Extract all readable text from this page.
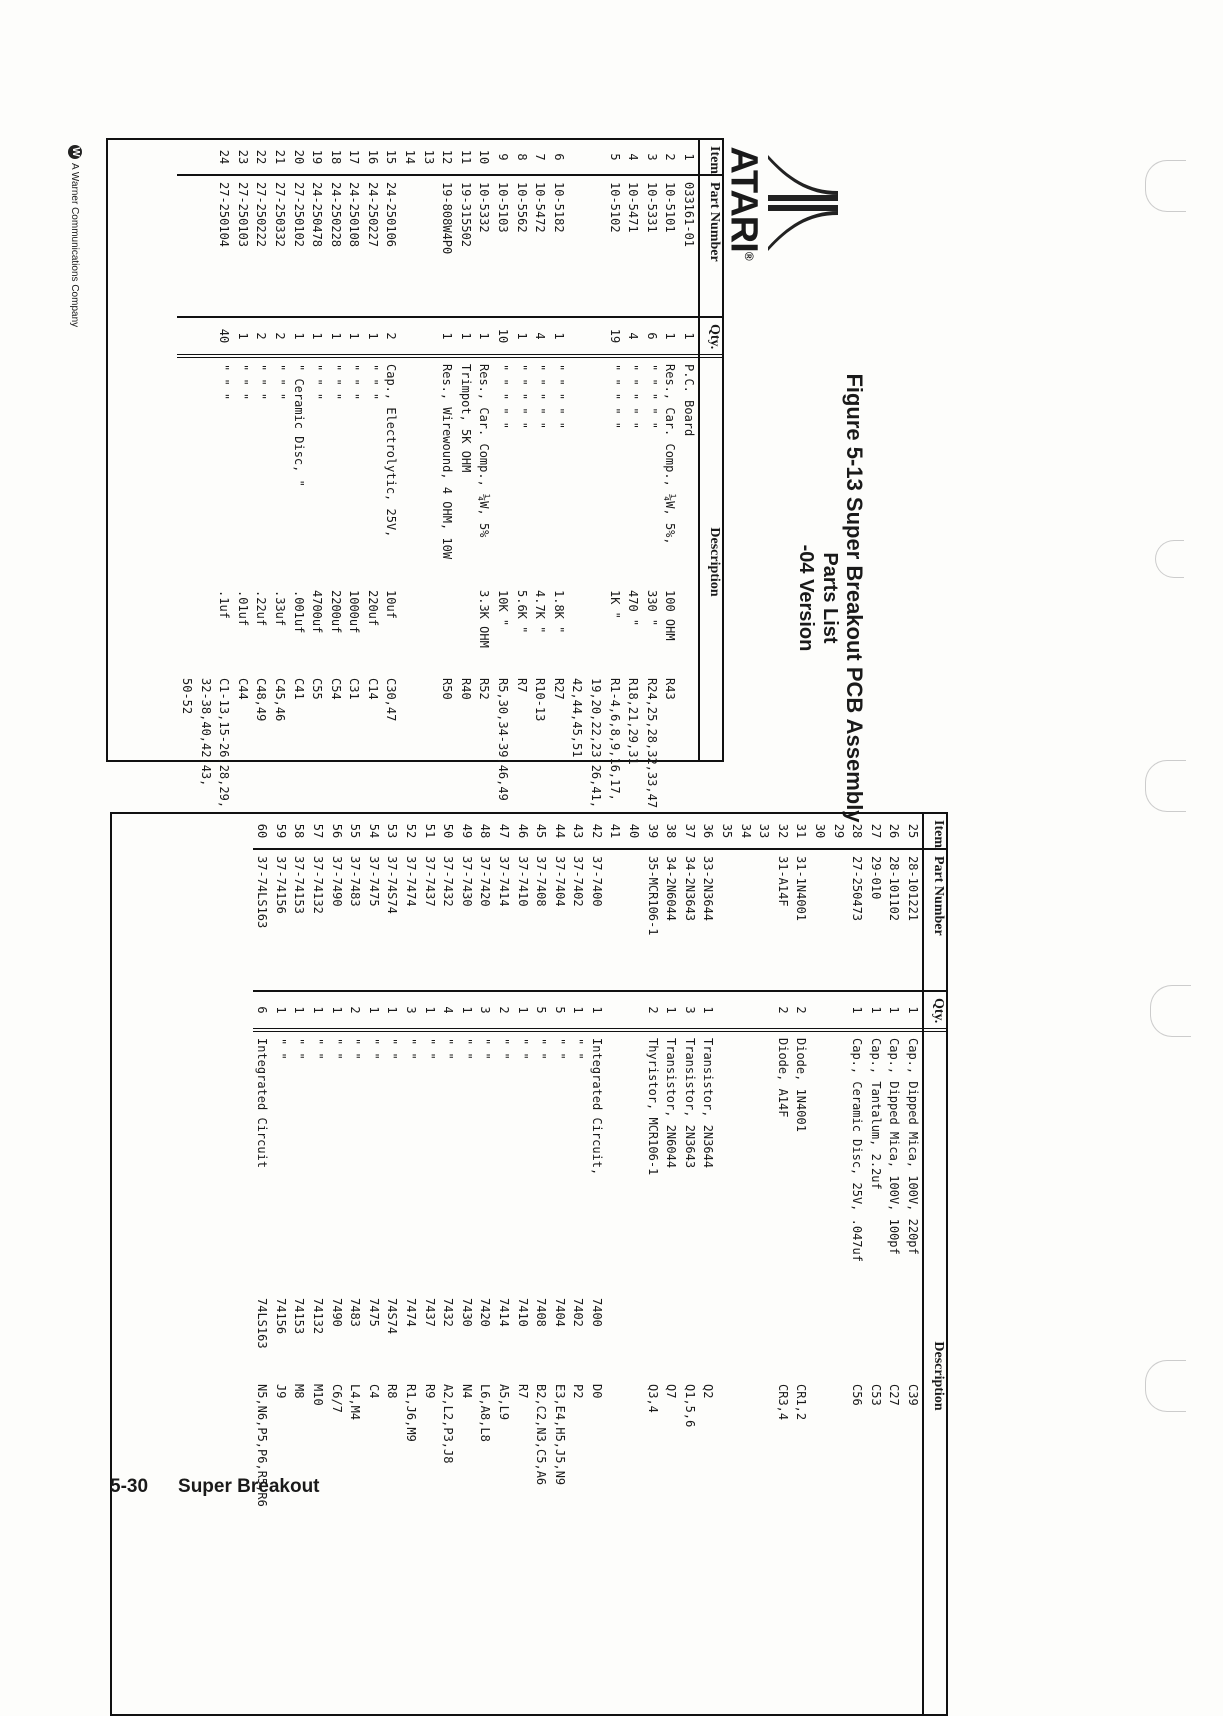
ATARI®
Figure 5-13 Super Breakout PCB Assembly
Parts List
-04 Version
Item
Part Number
Qty.
Description
1
033161-01
1
P.C. Board
2
10-5101
1
Res., Car. Comp., ¼W, 5%,
100 OHM
R43
3
10-5331
6
" " " " "
330 "
R24,25,28,32,33,47
4
10-5471
4
" " " " "
470 "
R18,21,29,31
5
10-5102
19
" " " " "
1K "
R1-4,6,8,9,16,17,
19,20,22,23,26,41,
42,44,45,51
6
10-5182
1
" " " " "
1.8K "
R27
7
10-5472
4
" " " " "
4.7K "
R10-13
8
10-5562
1
" " " " "
5.6K "
R7
9
10-5103
10
" " " " "
10K "
R5,30,34-39,46,49
10
10-5332
1
Res., Car. Comp., ¼W, 5%
3.3K OHM
R52
11
19-315502
1
Trimpot, 5K OHM
R40
12
19-808W4P0
1
Res., Wirewound, 4 OHM, 10W
R50
13
14
15
24-250106
2
Cap., Electrolytic, 25V,
10uf
C30,47
16
24-250227
1
" " "
220uf
C14
17
24-250108
1
" " "
1000uf
C31
18
24-250228
1
" " "
2200uf
C54
19
24-250478
1
" " "
4700uf
C55
20
27-250102
1
" Ceramic Disc, "
.001uf
C41
21
27-250332
2
" " "
.33uf
C45,46
22
27-250222
2
" " "
.22uf
C48,49
23
27-250103
1
" " "
.01uf
C44
24
27-250104
40
" " "
.1uf
C1-13,15-26,28,29,
32-38,40,42,43,
50-52
Item
Part Number
Qty.
Description
25
28-101221
1
Cap., Dipped Mica, 100V, 220pf
C39
26
28-101102
1
Cap., Dipped Mica, 100V, 100pf
C27
27
29-010
1
Cap., Tantalum, 2.2uf
C53
28
27-250473
1
Cap., Ceramic Disc, 25V, .047uf
C56
29
30
31
31-1N4001
2
Diode, 1N4001
CR1,2
32
31-A14F
2
Diode, A14F
CR3,4
33
34
35
36
33-2N3644
1
Transistor, 2N3644
Q2
37
34-2N3643
3
Transistor, 2N3643
Q1,5,6
38
34-2N6044
1
Transistor, 2N6044
Q7
39
35-MCR106-1
2
Thyristor, MCR106-1
Q3,4
40
41
42
37-7400
1
Integrated Circuit,
7400
D0
43
37-7402
1
" "
7402
P2
44
37-7404
5
" "
7404
E3,E4,H5,J5,N9
45
37-7408
5
" "
7408
B2,C2,N3,C5,A6
46
37-7410
1
" "
7410
R7
47
37-7414
2
" "
7414
A5,L9
48
37-7420
3
" "
7420
L6,A8,L8
49
37-7430
1
" "
7430
N4
50
37-7432
4
" "
7432
A2,L2,P3,J8
51
37-7437
1
" "
7437
R9
52
37-7474
3
" "
7474
R1,J6,M9
53
37-74S74
1
" "
74S74
R8
54
37-7475
1
" "
7475
C4
55
37-7483
2
" "
7483
L4,M4
56
37-7490
1
" "
7490
C6/7
57
37-74132
1
" "
74132
M10
58
37-74153
1
" "
74153
M8
59
37-74156
1
" "
74156
J9
60
37-74LS163
6
Integrated Circuit
74LS163
N5,N6,P5,P6,R5,R6
W
A Warner Communications Company
5-30 Super Breakout
